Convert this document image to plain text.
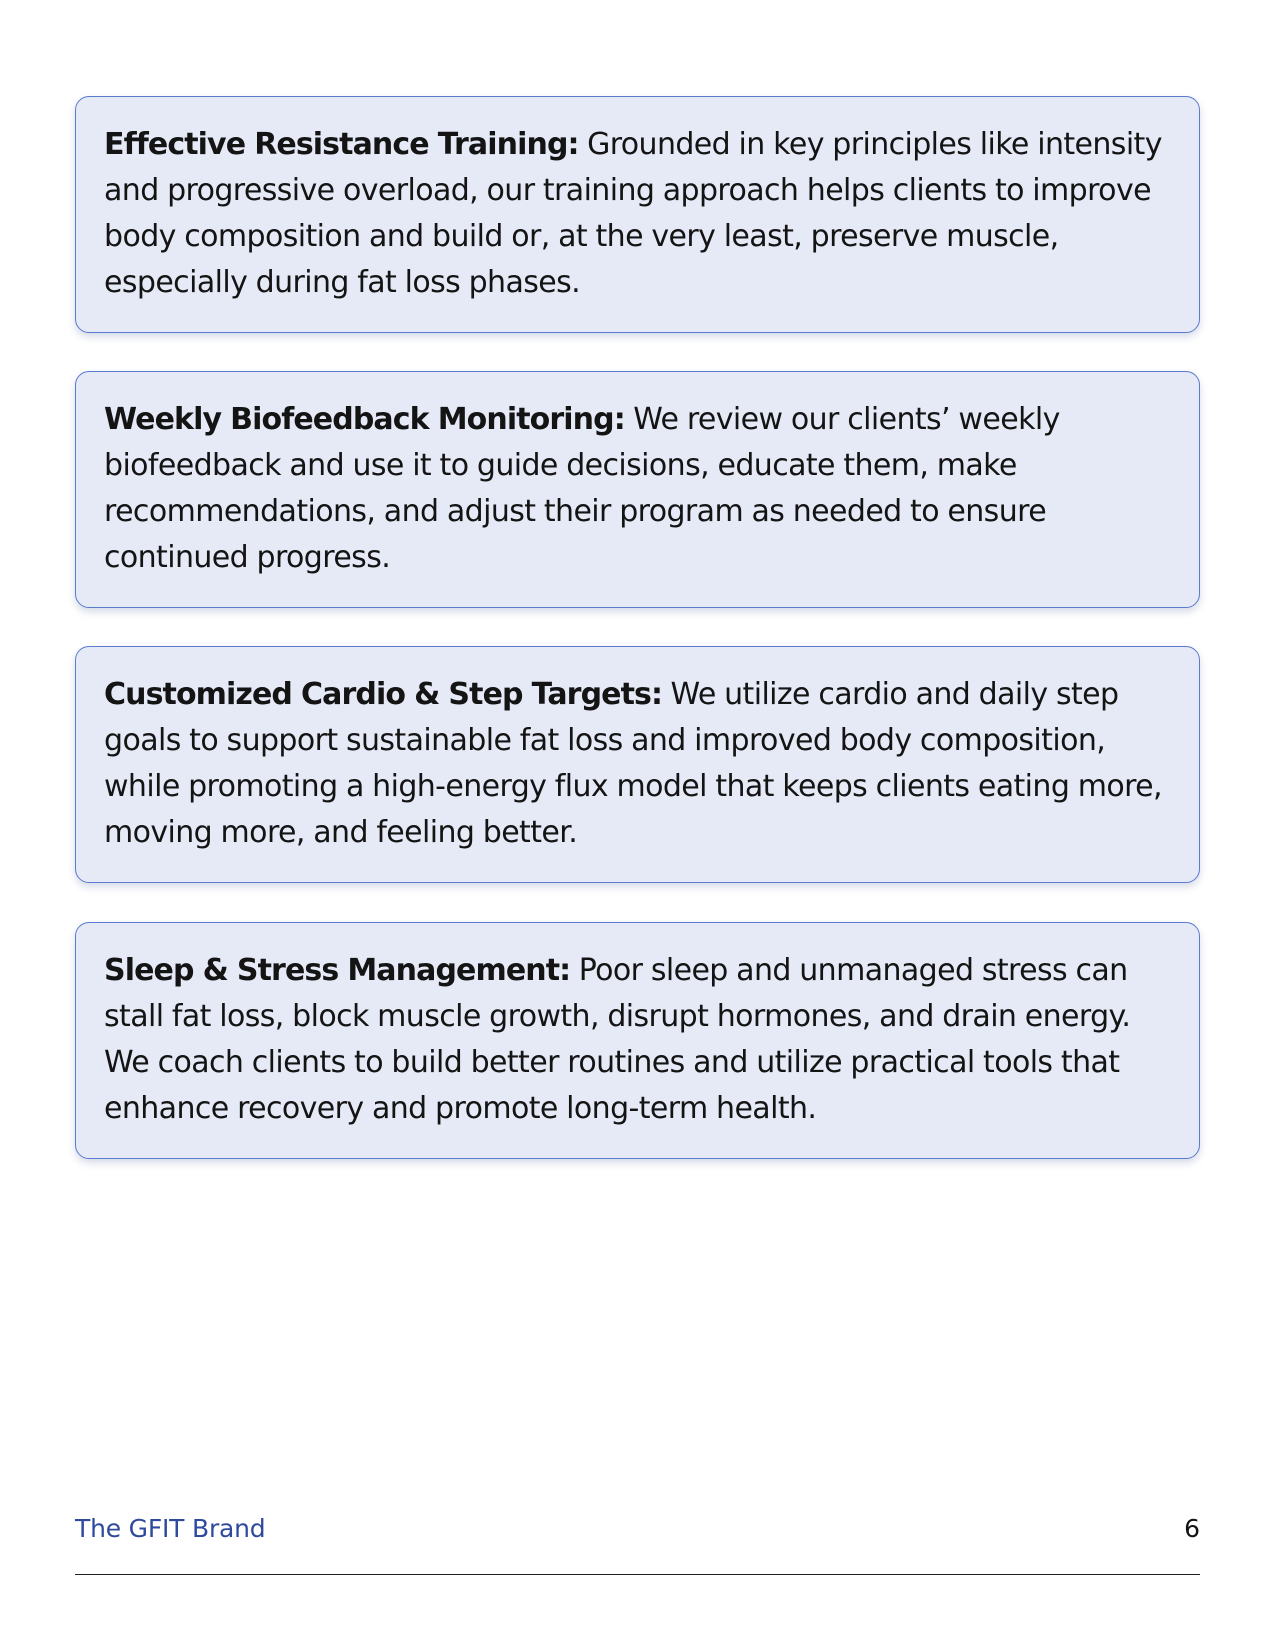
Effective Resistance Training: Grounded in key principles like intensity and progressive overload, our training approach helps clients to improve body composition and build or, at the very least, preserve muscle, especially during fat loss phases.

Weekly Biofeedback Monitoring: We review our clients’ weekly biofeedback and use it to guide decisions, educate them, make recommendations, and adjust their program as needed to ensure continued progress.

Customized Cardio & Step Targets: We utilize cardio and daily step goals to support sustainable fat loss and improved body composition, while promoting a high-energy flux model that keeps clients eating more, moving more, and feeling better.

Sleep & Stress Management: Poor sleep and unmanaged stress can stall fat loss, block muscle growth, disrupt hormones, and drain energy. We coach clients to build better routines and utilize practical tools that enhance recovery and promote long-term health.

The GFIT Brand	6
